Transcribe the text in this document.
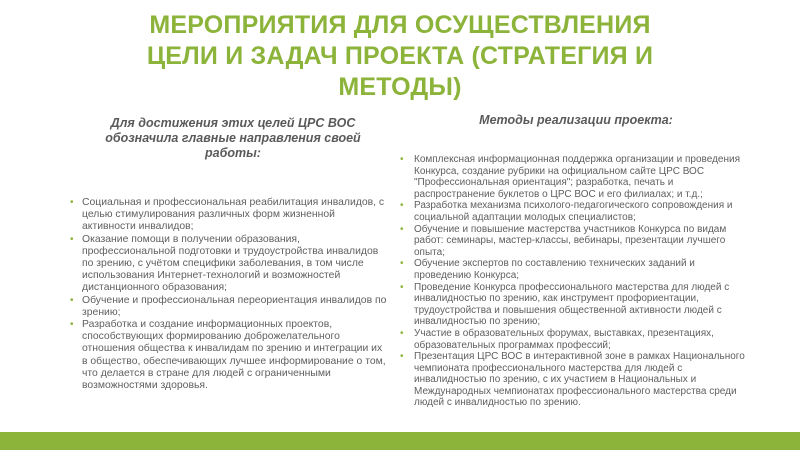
МЕРОПРИЯТИЯ ДЛЯ ОСУЩЕСТВЛЕНИЯ
ЦЕЛИ И ЗАДАЧ ПРОЕКТА (СТРАТЕГИЯ И
МЕТОДЫ)
Для достижения этих целей ЦРС ВОС
обозначила главные направления своей
работы:
• Социальная и профессиональная реабилитация инвалидов, с целью стимулирования различных форм жизненной активности инвалидов;
• Оказание помощи в получении образования, профессиональной подготовки и трудоустройства инвалидов по зрению, с учётом специфики заболевания, в том числе использования Интернет-технологий и возможностей дистанционного образования;
• Обучение и профессиональная переориентация инвалидов по зрению;
• Разработка и создание информационных проектов, способствующих формированию доброжелательного отношения общества к инвалидам по зрению и интеграции их в общество, обеспечивающих лучшее информирование о том, что делается в стране для людей с ограниченными возможностями здоровья.
Методы реализации проекта:
• Комплексная информационная поддержка организации и проведения Конкурса, создание рубрики на официальном сайте ЦРС ВОС "Профессиональная ориентация"; разработка, печать и распространение буклетов о ЦРС ВОС и его филиалах; и т.д.;
• Разработка механизма психолого-педагогического сопровождения и социальной адаптации молодых специалистов;
• Обучение и повышение мастерства участников Конкурса по видам работ: семинары, мастер-классы, вебинары, презентации лучшего опыта;
• Обучение экспертов по составлению технических заданий и проведению Конкурса;
• Проведение Конкурса профессионального мастерства для людей с инвалидностью по зрению, как инструмент профориентации, трудоустройства и повышения общественной активности людей с инвалидностью по зрению;
• Участие в образовательных форумах, выставках, презентациях, образовательных программах профессий;
• Презентация ЦРС ВОС в интерактивной зоне в рамках Национального чемпионата профессионального мастерства для людей с инвалидностью по зрению, с их участием в Национальных и Международных чемпионатах профессионального мастерства среди людей с инвалидностью по зрению.
